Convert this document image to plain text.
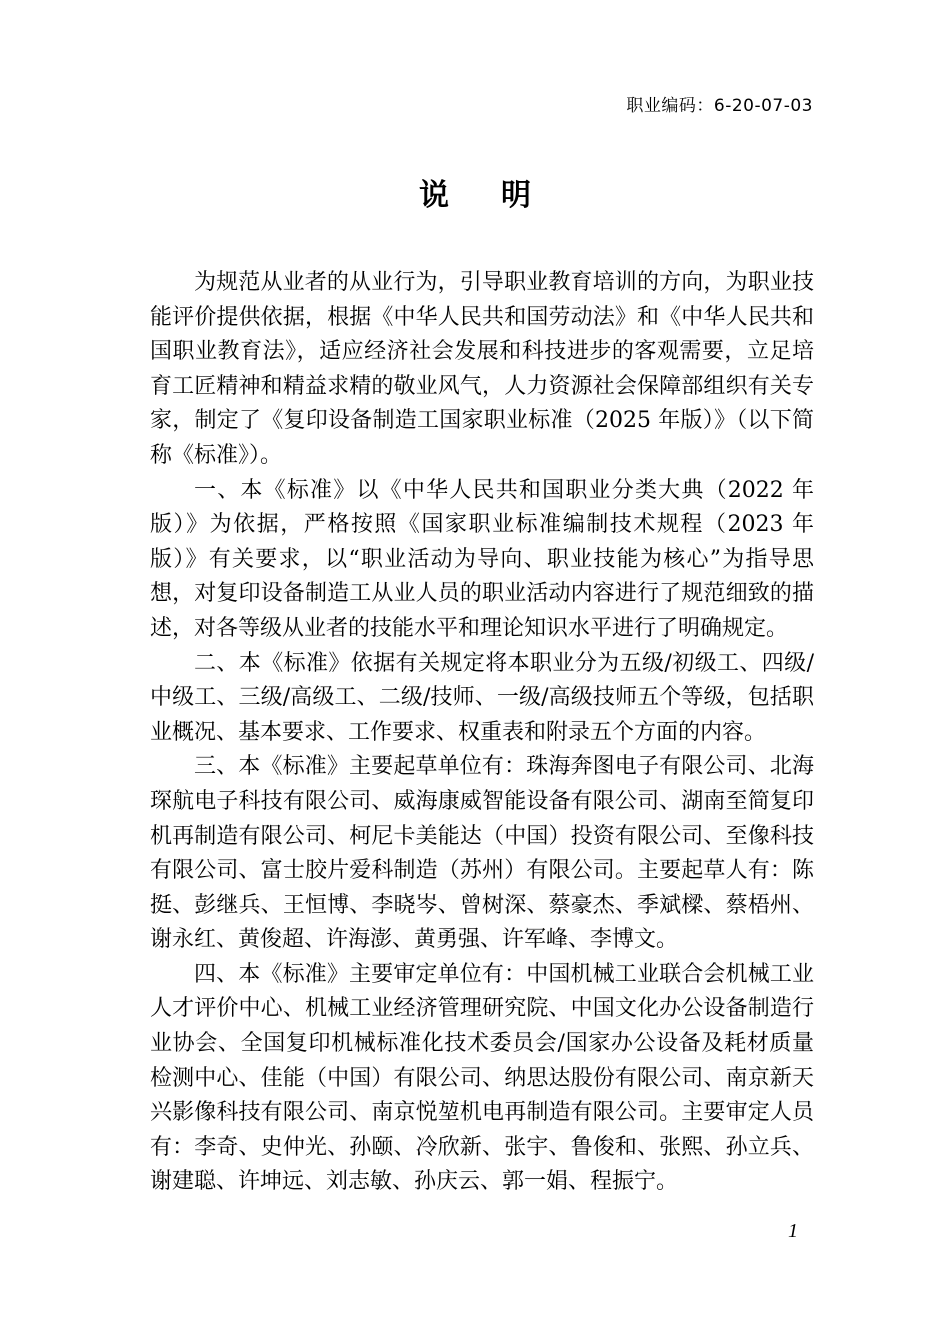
职业编码：6-20-07-03
说明

为规范从业者的从业行为，引导职业教育培训的方向，为职业技能评价提供依据，根据《中华人民共和国劳动法》和《中华人民共和国职业教育法》，适应经济社会发展和科技进步的客观需要，立足培育工匠精神和精益求精的敬业风气，人力资源社会保障部组织有关专家，制定了《复印设备制造工国家职业标准（2025 年版）》（以下简称《标准》）。

一、本《标准》以《中华人民共和国职业分类大典（2022 年版）》为依据，严格按照《国家职业标准编制技术规程（2023 年版）》有关要求，以“职业活动为导向、职业技能为核心”为指导思想，对复印设备制造工从业人员的职业活动内容进行了规范细致的描述，对各等级从业者的技能水平和理论知识水平进行了明确规定。

二、本《标准》依据有关规定将本职业分为五级/初级工、四级/中级工、三级/高级工、二级/技师、一级/高级技师五个等级，包括职业概况、基本要求、工作要求、权重表和附录五个方面的内容。

三、本《标准》主要起草单位有：珠海奔图电子有限公司、北海琛航电子科技有限公司、威海康威智能设备有限公司、湖南至简复印机再制造有限公司、柯尼卡美能达（中国）投资有限公司、至像科技有限公司、富士胶片爱科制造（苏州）有限公司。主要起草人有：陈挺、彭继兵、王恒博、李晓岑、曾树深、蔡豪杰、季斌樑、蔡梧州、谢永红、黄俊超、许海澎、黄勇强、许军峰、李博文。

四、本《标准》主要审定单位有：中国机械工业联合会机械工业人才评价中心、机械工业经济管理研究院、中国文化办公设备制造行业协会、全国复印机械标准化技术委员会/国家办公设备及耗材质量检测中心、佳能（中国）有限公司、纳思达股份有限公司、南京新天兴影像科技有限公司、南京悦堃机电再制造有限公司。主要审定人员有：李奇、史仲光、孙颐、冷欣新、张宇、鲁俊和、张熙、孙立兵、谢建聪、许坤远、刘志敏、孙庆云、郭一娟、程振宁。

1
